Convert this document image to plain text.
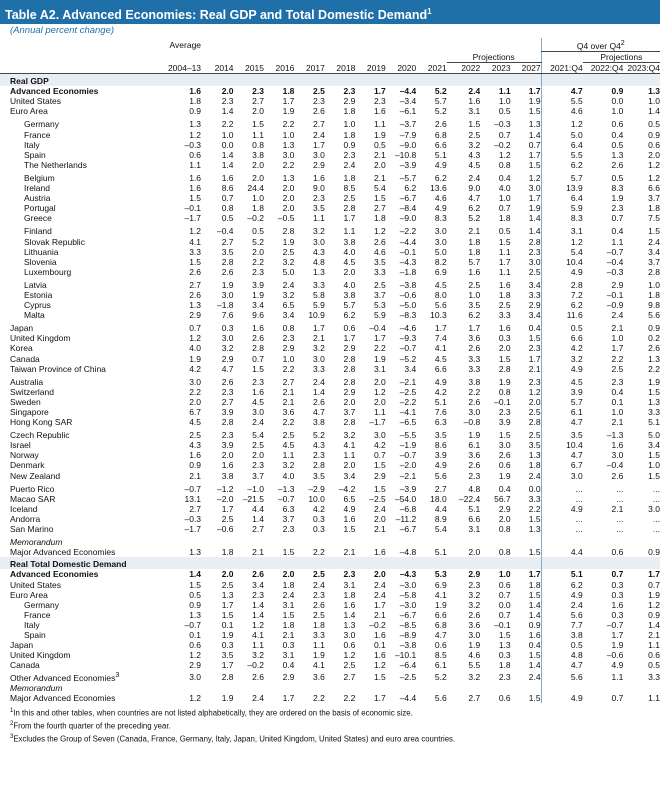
Table A2. Advanced Economies: Real GDP and Total Domestic Demand$^1$
(Annual percent change)
	Average												Q4 over $Q4^2$
										Projections				Projections	
	2004–13	2014	2015	2016	2017	2018	2019	2020	2021	2022	2023	2027	2021:Q4	2022:Q4	2023:Q4
Real GDP															
Advanced Economies	1.6	2.0	2.3	1.8	2.5	2.3	1.7	–4.4	5.2	2.4	1.1	1.7	4.7	0.9	1.3
United States	1.8	2.3	2.7	1.7	2.3	2.9	2.3	–3.4	5.7	1.6	1.0	1.9	5.5	0.0	1.0
Euro Area	0.9	1.4	2.0	1.9	2.6	1.8	1.6	–6.1	5.2	3.1	0.5	1.5	4.6	1.0	1.4

Germany	1.3	2.2	1.5	2.2	2.7	1.0	1.1	–3.7	2.6	1.5	–0.3	1.3	1.2	0.6	0.5
France	1.2	1.0	1.1	1.0	2.4	1.8	1.9	–7.9	6.8	2.5	0.7	1.4	5.0	0.4	0.9
Italy	–0.3	0.0	0.8	1.3	1.7	0.9	0.5	–9.0	6.6	3.2	–0.2	0.7	6.4	0.5	0.6
Spain	0.6	1.4	3.8	3.0	3.0	2.3	2.1	–10.8	5.1	4.3	1.2	1.7	5.5	1.3	2.0
The Netherlands	1.1	1.4	2.0	2.2	2.9	2.4	2.0	–3.9	4.9	4.5	0.8	1.5	6.2	2.6	1.2

Belgium	1.6	1.6	2.0	1.3	1.6	1.8	2.1	–5.7	6.2	2.4	0.4	1.2	5.7	0.5	1.2
Ireland	1.6	8.6	24.4	2.0	9.0	8.5	5.4	6.2	13.6	9.0	4.0	3.0	13.9	8.3	6.6
Austria	1.5	0.7	1.0	2.0	2.3	2.5	1.5	–6.7	4.6	4.7	1.0	1.7	6.4	1.9	3.7
Portugal	–0.1	0.8	1.8	2.0	3.5	2.8	2.7	–8.4	4.9	6.2	0.7	1.9	5.9	2.3	1.8
Greece	–1.7	0.5	–0.2	–0.5	1.1	1.7	1.8	–9.0	8.3	5.2	1.8	1.4	8.3	0.7	7.5

Finland	1.2	–0.4	0.5	2.8	3.2	1.1	1.2	–2.2	3.0	2.1	0.5	1.4	3.1	0.4	1.5
Slovak Republic	4.1	2.7	5.2	1.9	3.0	3.8	2.6	–4.4	3.0	1.8	1.5	2.8	1.2	1.1	2.4
Lithuania	3.3	3.5	2.0	2.5	4.3	4.0	4.6	–0.1	5.0	1.8	1.1	2.3	5.4	–0.7	3.4
Slovenia	1.5	2.8	2.2	3.2	4.8	4.5	3.5	–4.3	8.2	5.7	1.7	3.0	10.4	–0.4	3.7
Luxembourg	2.6	2.6	2.3	5.0	1.3	2.0	3.3	–1.8	6.9	1.6	1.1	2.5	4.9	–0.3	2.8

Latvia	2.7	1.9	3.9	2.4	3.3	4.0	2.5	–3.8	4.5	2.5	1.6	3.4	2.8	2.9	1.0
Estonia	2.6	3.0	1.9	3.2	5.8	3.8	3.7	–0.6	8.0	1.0	1.8	3.3	7.2	–0.1	1.8
Cyprus	1.3	–1.8	3.4	6.5	5.9	5.7	5.3	–5.0	5.6	3.5	2.5	2.9	6.2	–0.9	9.8
Malta	2.9	7.6	9.6	3.4	10.9	6.2	5.9	–8.3	10.3	6.2	3.3	3.4	11.6	2.4	5.6

Japan	0.7	0.3	1.6	0.8	1.7	0.6	–0.4	–4.6	1.7	1.7	1.6	0.4	0.5	2.1	0.9
United Kingdom	1.2	3.0	2.6	2.3	2.1	1.7	1.7	–9.3	7.4	3.6	0.3	1.5	6.6	1.0	0.2
Korea	4.0	3.2	2.8	2.9	3.2	2.9	2.2	–0.7	4.1	2.6	2.0	2.3	4.2	1.7	2.6
Canada	1.9	2.9	0.7	1.0	3.0	2.8	1.9	–5.2	4.5	3.3	1.5	1.7	3.2	2.2	1.3
Taiwan Province of China	4.2	4.7	1.5	2.2	3.3	2.8	3.1	3.4	6.6	3.3	2.8	2.1	4.9	2.5	2.2

Australia	3.0	2.6	2.3	2.7	2.4	2.8	2.0	–2.1	4.9	3.8	1.9	2.3	4.5	2.3	1.9
Switzerland	2.2	2.3	1.6	2.1	1.4	2.9	1.2	–2.5	4.2	2.2	0.8	1.2	3.9	0.4	1.5
Sweden	2.0	2.7	4.5	2.1	2.6	2.0	2.0	–2.2	5.1	2.6	–0.1	2.0	5.7	0.1	1.3
Singapore	6.7	3.9	3.0	3.6	4.7	3.7	1.1	–4.1	7.6	3.0	2.3	2.5	6.1	1.0	3.3
Hong Kong SAR	4.5	2.8	2.4	2.2	3.8	2.8	–1.7	–6.5	6.3	–0.8	3.9	2.8	4.7	2.1	5.1

Czech Republic	2.5	2.3	5.4	2.5	5.2	3.2	3.0	–5.5	3.5	1.9	1.5	2.5	3.5	–1.3	5.0
Israel	4.3	3.9	2.5	4.5	4.3	4.1	4.2	–1.9	8.6	6.1	3.0	3.5	10.4	1.6	3.4
Norway	1.6	2.0	2.0	1.1	2.3	1.1	0.7	–0.7	3.9	3.6	2.6	1.3	4.7	3.0	1.5
Denmark	0.9	1.6	2.3	3.2	2.8	2.0	1.5	–2.0	4.9	2.6	0.6	1.8	6.7	–0.4	1.0
New Zealand	2.1	3.8	3.7	4.0	3.5	3.4	2.9	–2.1	5.6	2.3	1.9	2.4	3.0	2.6	1.5

Puerto Rico	–0.7	–1.2	–1.0	–1.3	–2.9	–4.2	1.5	–3.9	2.7	4.8	0.4	0.0	...	...	...
Macao SAR	13.1	–2.0	–21.5	–0.7	10.0	6.5	–2.5	–54.0	18.0	–22.4	56.7	3.3	...	...	...
Iceland	2.7	1.7	4.4	6.3	4.2	4.9	2.4	–6.8	4.4	5.1	2.9	2.2	4.9	2.1	3.0
Andorra	–0.3	2.5	1.4	3.7	0.3	1.6	2.0	–11.2	8.9	6.6	2.0	1.5	...	...	...
San Marino	–1.7	–0.6	2.7	2.3	0.3	1.5	2.1	–6.7	5.4	3.1	0.8	1.3	...	...	...

Memorandum															
Major Advanced Economies	1.3	1.8	2.1	1.5	2.2	2.1	1.6	–4.8	5.1	2.0	0.8	1.5	4.4	0.6	0.9
Real Total Domestic Demand															
Advanced Economies	1.4	2.0	2.6	2.0	2.5	2.3	2.0	–4.3	5.3	2.9	1.0	1.7	5.1	0.7	1.7
United States	1.5	2.5	3.4	1.8	2.4	3.1	2.4	–3.0	6.9	2.3	0.6	1.8	6.2	0.3	0.7
Euro Area	0.5	1.3	2.3	2.4	2.3	1.8	2.4	–5.8	4.1	3.2	0.7	1.5	4.9	0.3	1.9
Germany	0.9	1.7	1.4	3.1	2.6	1.6	1.7	–3.0	1.9	3.2	0.0	1.4	2.4	1.6	1.2
France	1.3	1.5	1.4	1.5	2.5	1.4	2.1	–6.7	6.6	2.6	0.7	1.4	5.6	0.3	0.9
Italy	–0.7	0.1	1.2	1.8	1.8	1.3	–0.2	–8.5	6.8	3.6	–0.1	0.9	7.7	–0.7	1.4
Spain	0.1	1.9	4.1	2.1	3.3	3.0	1.6	–8.9	4.7	3.0	1.5	1.6	3.8	1.7	2.1
Japan	0.6	0.3	1.1	0.3	1.1	0.6	0.1	–3.8	0.6	1.9	1.3	0.4	0.5	1.9	1.1
United Kingdom	1.2	3.5	3.2	3.1	1.9	1.2	1.6	–10.1	8.5	4.6	0.3	1.5	4.8	–0.6	0.6
Canada	2.9	1.7	–0.2	0.4	4.1	2.5	1.2	–6.4	6.1	5.5	1.8	1.4	4.7	4.9	0.5
Other Advanced Economies$^3$	3.0	2.8	2.6	2.9	3.6	2.7	1.5	–2.5	5.2	3.2	2.3	2.4	5.6	1.1	3.3
Memorandum															
Major Advanced Economies	1.2	1.9	2.4	1.7	2.2	2.2	1.7	–4.4	5.6	2.7	0.6	1.5	4.9	0.7	1.1
$^1$In this and other tables, when countries are not listed alphabetically, they are ordered on the basis of economic size.
$^2$From the fourth quarter of the preceding year.
$^3$Excludes the Group of Seven (Canada, France, Germany, Italy, Japan, United Kingdom, United States) and euro area countries.
